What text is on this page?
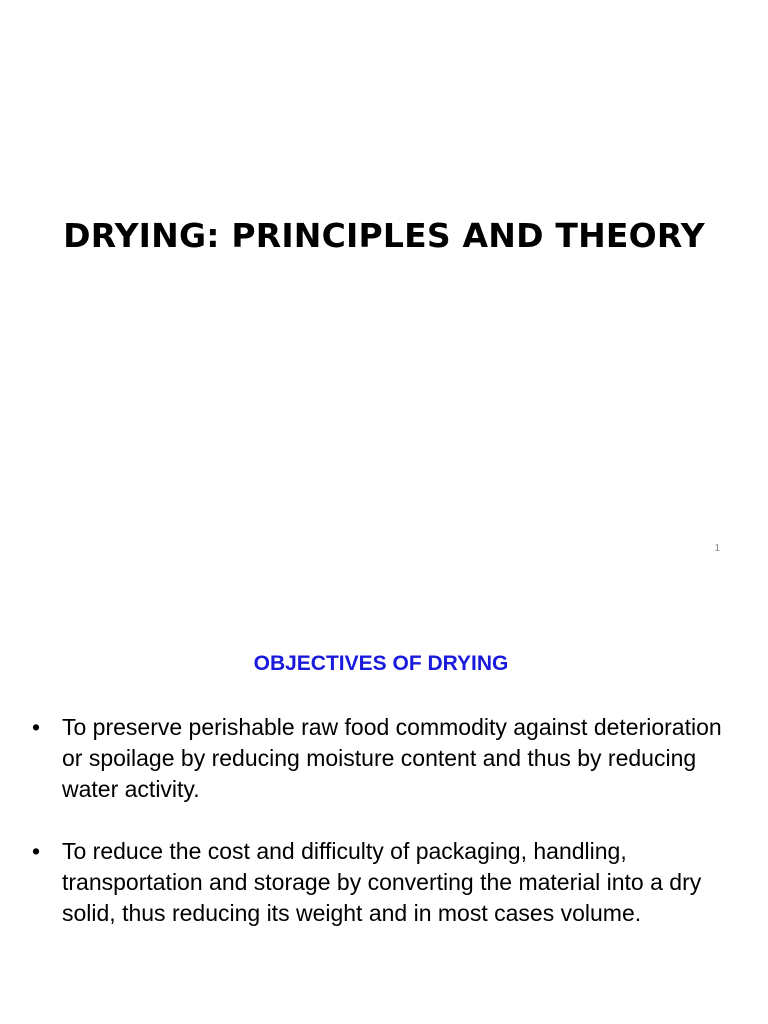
DRYING: PRINCIPLES AND THEORY
1
OBJECTIVES OF DRYING
• To preserve perishable raw food commodity against deterioration or spoilage by reducing moisture content and thus by reducing water activity.
• To reduce the cost and difficulty of packaging, handling, transportation and storage by converting the material into a dry solid, thus reducing its weight and in most cases volume.
